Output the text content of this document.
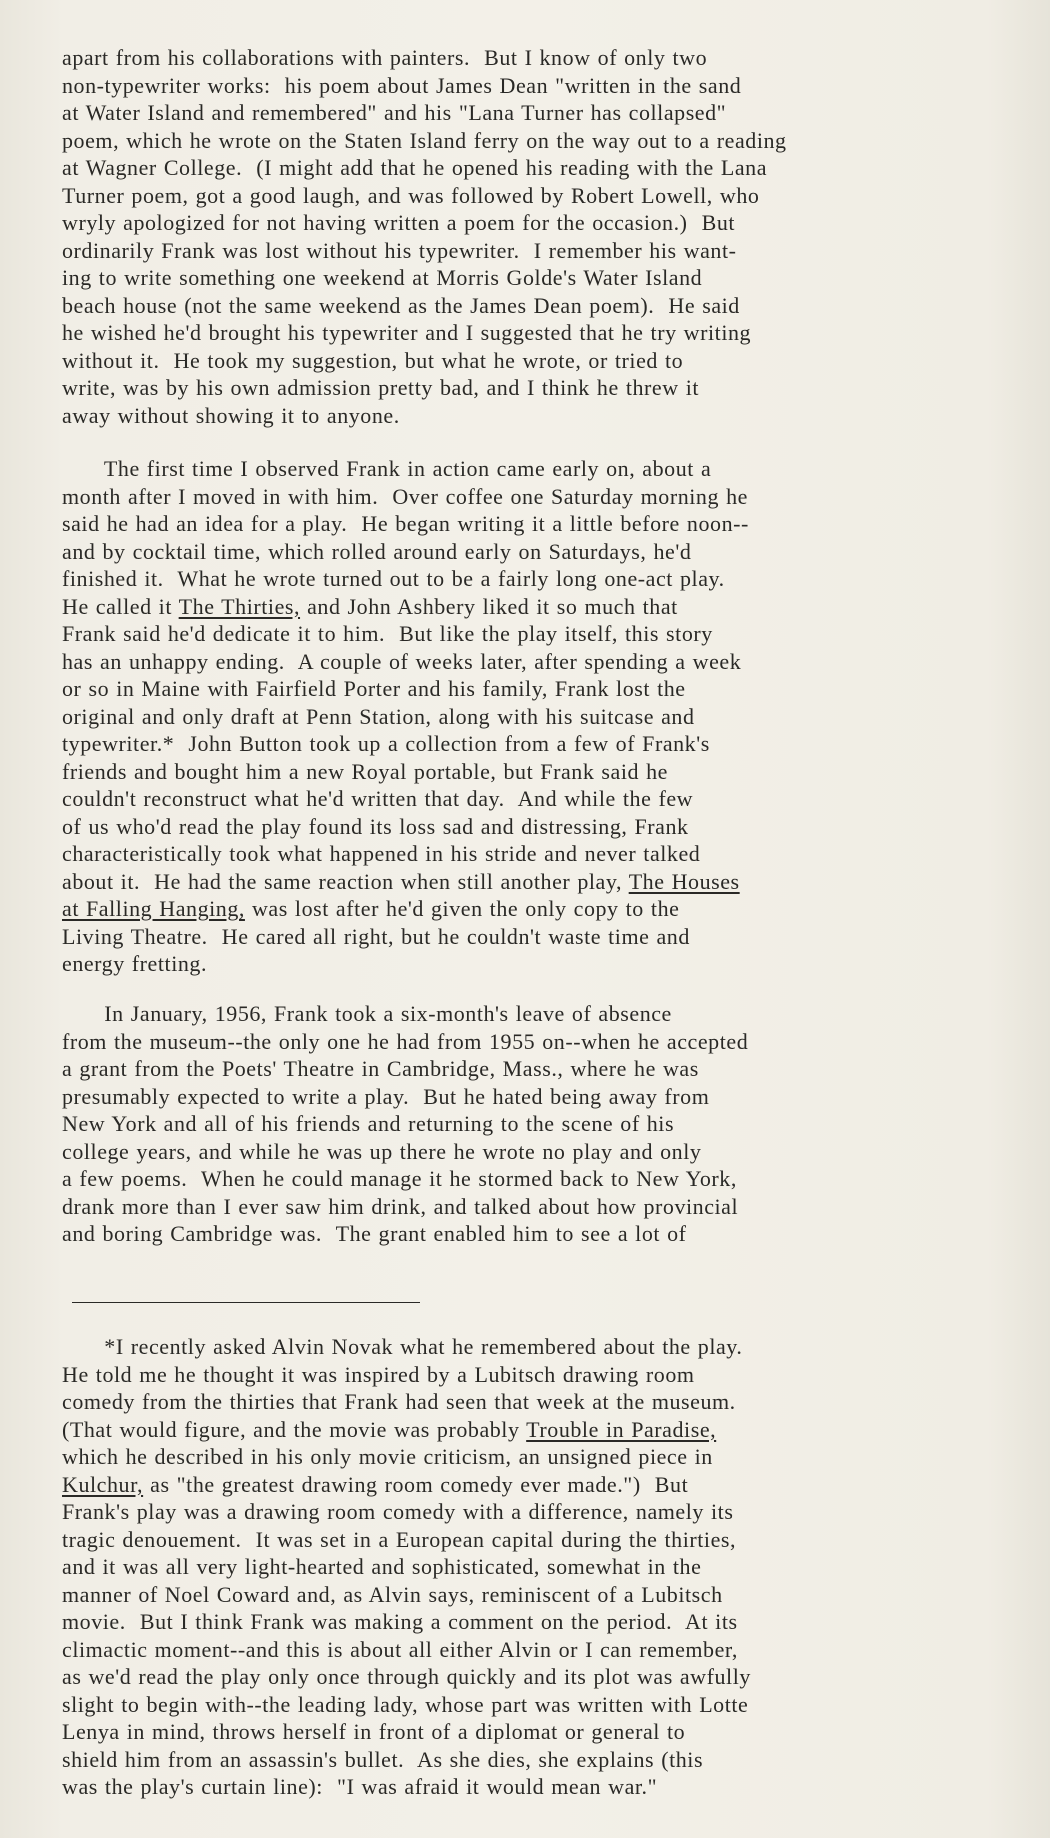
apart from his collaborations with painters.  But I know of only two
non-typewriter works:  his poem about James Dean "written in the sand
at Water Island and remembered" and his "Lana Turner has collapsed"
poem, which he wrote on the Staten Island ferry on the way out to a reading
at Wagner College.  (I might add that he opened his reading with the Lana
Turner poem, got a good laugh, and was followed by Robert Lowell, who
wryly apologized for not having written a poem for the occasion.)  But
ordinarily Frank was lost without his typewriter.  I remember his want-
ing to write something one weekend at Morris Golde's Water Island
beach house (not the same weekend as the James Dean poem).  He said
he wished he'd brought his typewriter and I suggested that he try writing
without it.  He took my suggestion, but what he wrote, or tried to
write, was by his own admission pretty bad, and I think he threw it
away without showing it to anyone.
The first time I observed Frank in action came early on, about a
month after I moved in with him.  Over coffee one Saturday morning he
said he had an idea for a play.  He began writing it a little before noon--
and by cocktail time, which rolled around early on Saturdays, he'd
finished it.  What he wrote turned out to be a fairly long one-act play.
He called it The Thirties, and John Ashbery liked it so much that
Frank said he'd dedicate it to him.  But like the play itself, this story
has an unhappy ending.  A couple of weeks later, after spending a week
or so in Maine with Fairfield Porter and his family, Frank lost the
original and only draft at Penn Station, along with his suitcase and
typewriter.*  John Button took up a collection from a few of Frank's
friends and bought him a new Royal portable, but Frank said he
couldn't reconstruct what he'd written that day.  And while the few
of us who'd read the play found its loss sad and distressing, Frank
characteristically took what happened in his stride and never talked
about it.  He had the same reaction when still another play, The Houses
at Falling Hanging, was lost after he'd given the only copy to the
Living Theatre.  He cared all right, but he couldn't waste time and
energy fretting.
In January, 1956, Frank took a six-month's leave of absence
from the museum--the only one he had from 1955 on--when he accepted
a grant from the Poets' Theatre in Cambridge, Mass., where he was
presumably expected to write a play.  But he hated being away from
New York and all of his friends and returning to the scene of his
college years, and while he was up there he wrote no play and only
a few poems.  When he could manage it he stormed back to New York,
drank more than I ever saw him drink, and talked about how provincial
and boring Cambridge was.  The grant enabled him to see a lot of
*I recently asked Alvin Novak what he remembered about the play.
He told me he thought it was inspired by a Lubitsch drawing room
comedy from the thirties that Frank had seen that week at the museum.
(That would figure, and the movie was probably Trouble in Paradise,
which he described in his only movie criticism, an unsigned piece in
Kulchur, as "the greatest drawing room comedy ever made.")  But
Frank's play was a drawing room comedy with a difference, namely its
tragic denouement.  It was set in a European capital during the thirties,
and it was all very light-hearted and sophisticated, somewhat in the
manner of Noel Coward and, as Alvin says, reminiscent of a Lubitsch
movie.  But I think Frank was making a comment on the period.  At its
climactic moment--and this is about all either Alvin or I can remember,
as we'd read the play only once through quickly and its plot was awfully
slight to begin with--the leading lady, whose part was written with Lotte
Lenya in mind, throws herself in front of a diplomat or general to
shield him from an assassin's bullet.  As she dies, she explains (this
was the play's curtain line):  "I was afraid it would mean war."
